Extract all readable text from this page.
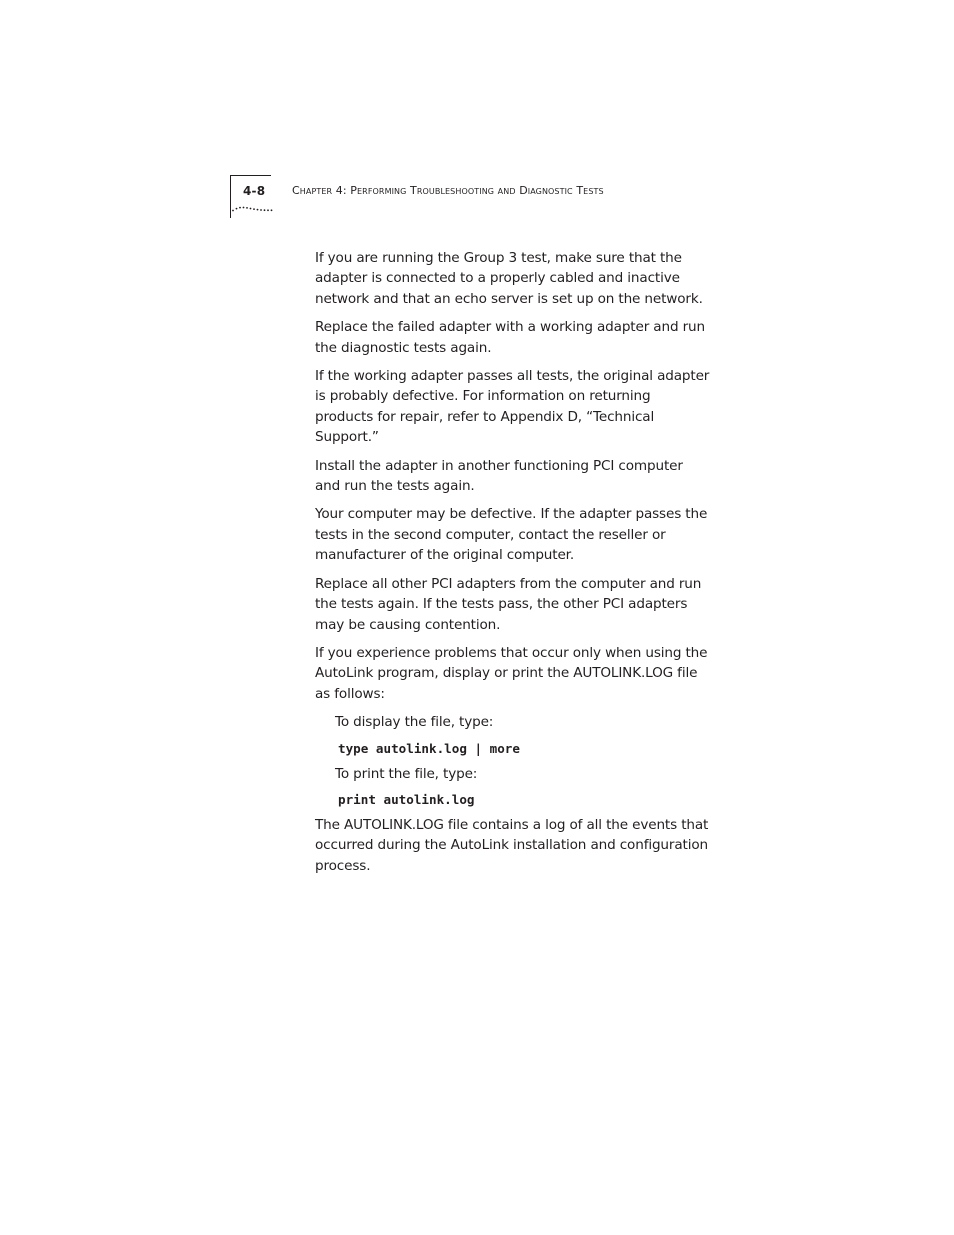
4-8 Chapter 4: Performing Troubleshooting and Diagnostic Tests

If you are running the Group 3 test, make sure that the adapter is connected to a properly cabled and inactive network and that an echo server is set up on the network.

Replace the failed adapter with a working adapter and run the diagnostic tests again.

If the working adapter passes all tests, the original adapter is probably defective. For information on returning products for repair, refer to Appendix D, “Technical Support.”

Install the adapter in another functioning PCI computer and run the tests again.

Your computer may be defective. If the adapter passes the tests in the second computer, contact the reseller or manufacturer of the original computer.

Replace all other PCI adapters from the computer and run the tests again. If the tests pass, the other PCI adapters may be causing contention.

If you experience problems that occur only when using the AutoLink program, display or print the AUTOLINK.LOG file as follows:

To display the file, type:

type autolink.log | more

To print the file, type:

print autolink.log

The AUTOLINK.LOG file contains a log of all the events that occurred during the AutoLink installation and configuration process.
